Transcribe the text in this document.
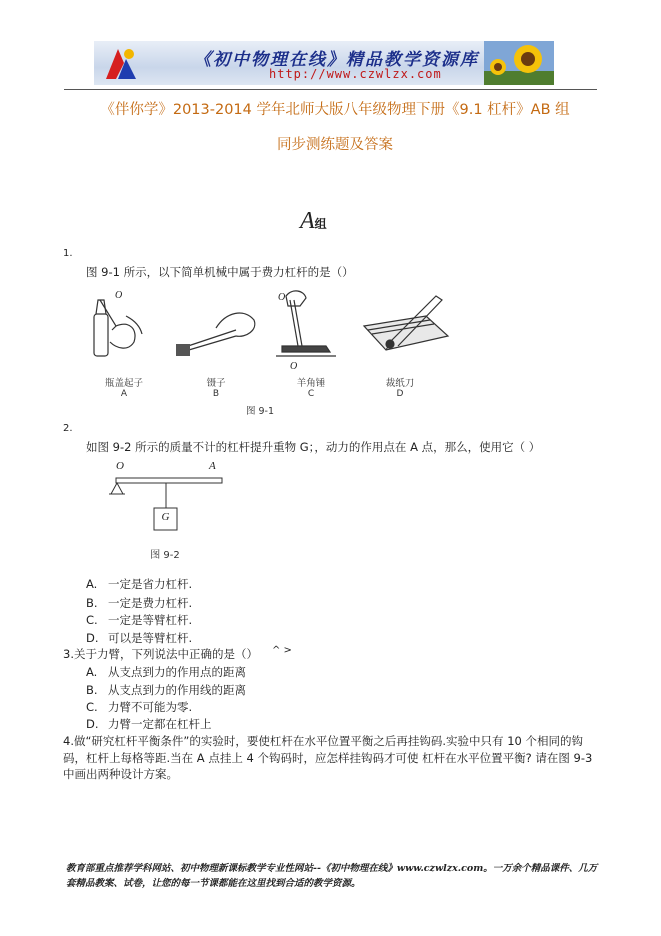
《初中物理在线》精品教学资源库
http://www.czwlzx.com
《伴你学》2013-2014 学年北师大版八年级物理下册《9.1 杠杆》AB 组
同步测练题及答案
A组
1.
图 9-1 所示，以下简单机械中属于费力杠杆的是（）
O	O
O
瓶盖起子
A
镊子
B
羊角锤
C
裁纸刀
D
图 9-1
2.
如图 9-2 所示的质量不计的杠杆提升重物 G；，动力的作用点在 A 点，那么，使用它（ ）
O	A
G
图 9-2
A. 一定是省力杠杆.
B. 一定是费力杠杆.
C. 一定是等臂杠杆.
D. 可以是等臂杠杆.
3.关于力臂，下列说法中正确的是（） ^ >
A. 从支点到力的作用点的距离
B. 从支点到力的作用线的距离
C. 力臂不可能为零.
D. 力臂一定都在杠杆上
4.做“研究杠杆平衡条件”的实验时，要使杠杆在水平位置平衡之后再挂钩码.实验中只有 10 个相同的钩码，杠杆上每格等距.当在 A 点挂上 4 个钩码时，应怎样挂钩码才可使 杠杆在水平位置平衡? 请在图 9-3 中画出两种设计方案。
教育部重点推荐学科网站、初中物理新课标教学专业性网站--《初中物理在线》www.czwlzx.com。一万余个精品课件、几万套精品教案、试卷，让您的每一节课都能在这里找到合适的教学资源。
